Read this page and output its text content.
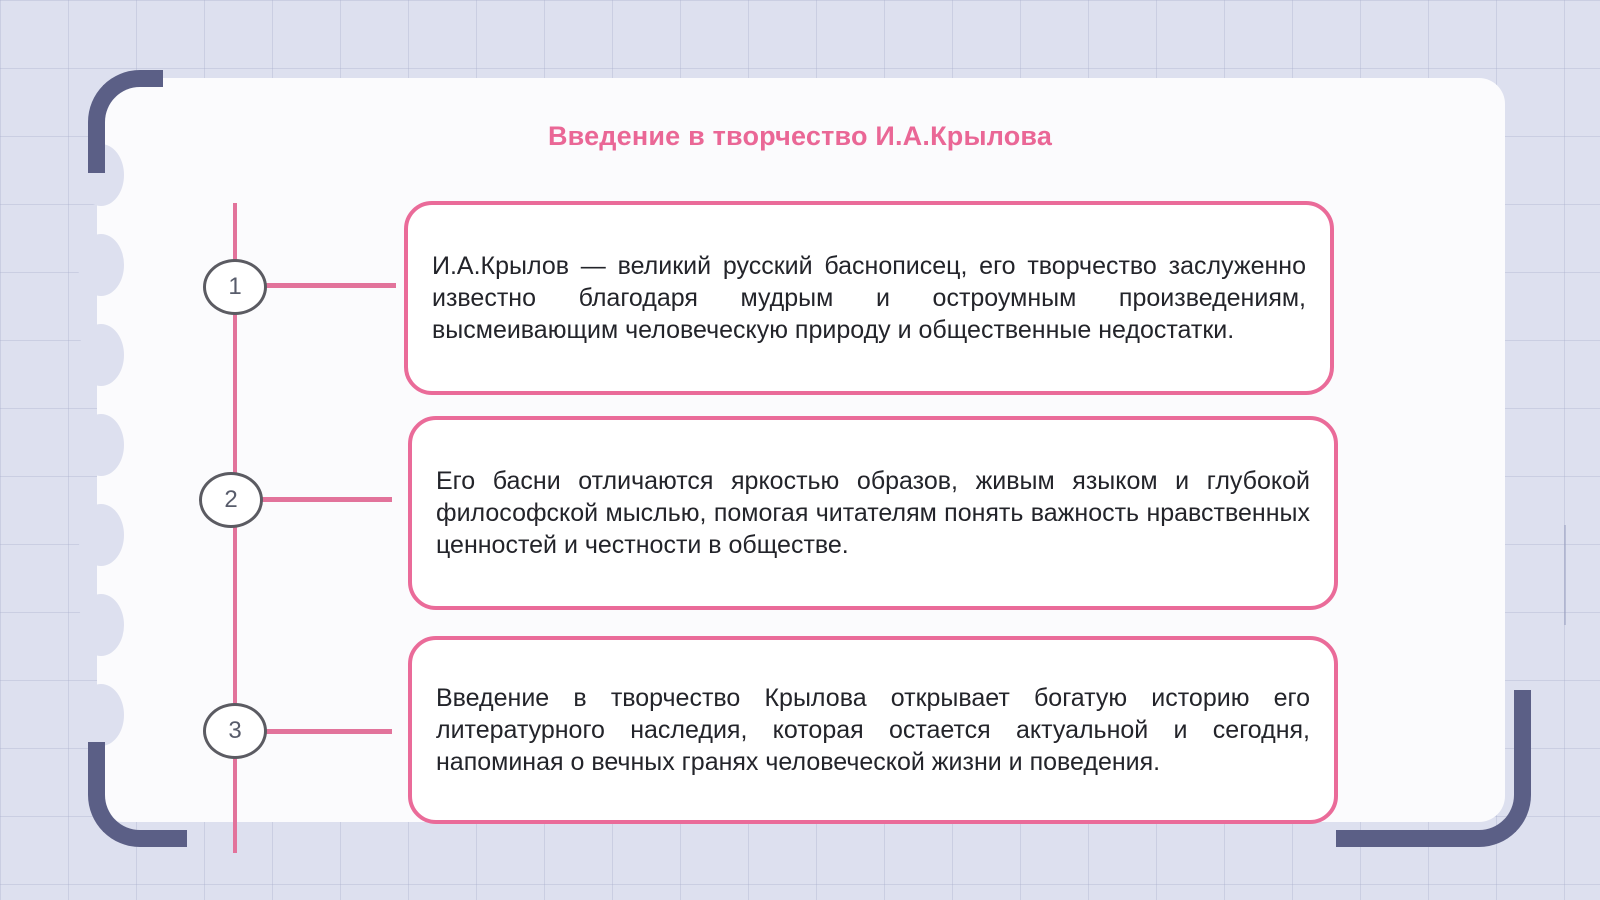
Введение в творчество И.А.Крылова
1

И.А.Крылов — великий русский баснописец, его творчество заслуженно известно благодаря мудрым и остроумным произведениям, высмеивающим человеческую природу и общественные недостатки.

2

Его басни отличаются яркостью образов, живым языком и глубокой философской мыслью, помогая читателям понять важность нравственных ценностей и честности в обществе.

3

Введение в творчество Крылова открывает богатую историю его литературного наследия, которая остается актуальной и сегодня, напоминая о вечных гранях человеческой жизни и поведения.
